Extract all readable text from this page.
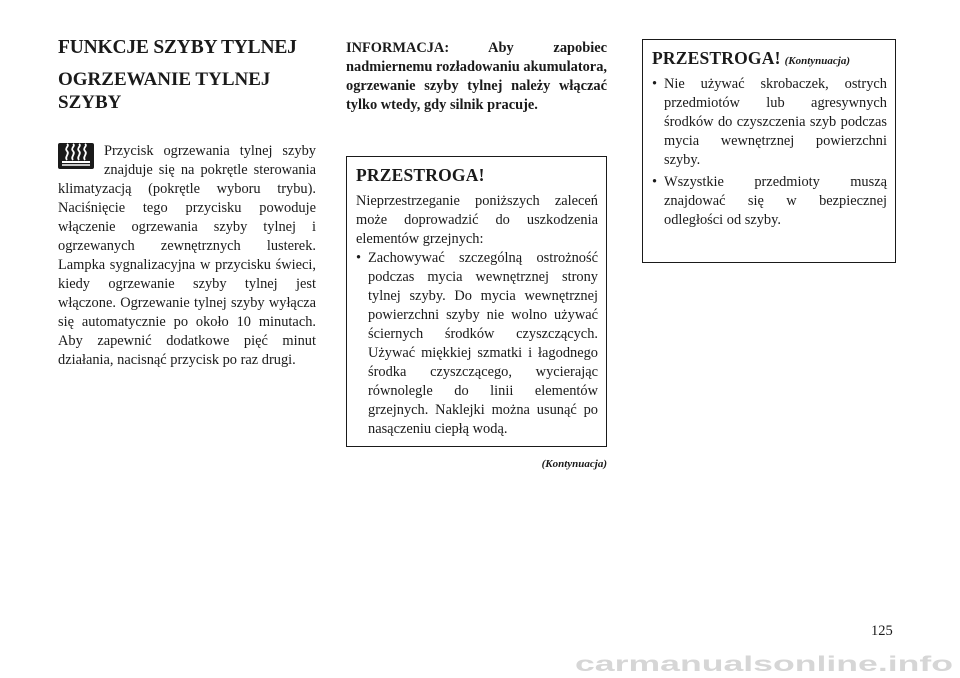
FUNKCJE SZYBY TYLNEJ
OGRZEWANIE TYLNEJ SZYBY

Przycisk ogrzewania tylnej szyby znajduje się na pokrętle sterowania klimatyzacją (pokrętle wyboru trybu). Naciśnięcie tego przycisku powoduje włączenie ogrzewania szyby tylnej i ogrzewanych zewnętrznych lusterek. Lampka sygnalizacyjna w przycisku świeci, kiedy ogrzewanie szyby tylnej jest włączone. Ogrzewanie tylnej szyby wyłącza się automatycznie po około 10 minutach. Aby zapewnić dodatkowe pięć minut działania, nacisnąć przycisk po raz drugi.

INFORMACJA: Aby zapobiec nadmiernemu rozładowaniu akumulatora, ogrzewanie szyby tylnej należy włączać tylko wtedy, gdy silnik pracuje.

PRZESTROGA!

Nieprzestrzeganie poniższych zaleceń może doprowadzić do uszkodzenia elementów grzejnych:

• Zachowywać szczególną ostrożność podczas mycia wewnętrznej strony tylnej szyby. Do mycia wewnętrznej powierzchni szyby nie wolno używać ściernych środków czyszczących. Używać miękkiej szmatki i łagodnego środka czyszczącego, wycierając równolegle do linii elementów grzejnych. Naklejki można usunąć po nasączeniu ciepłą wodą.
(Kontynuacja)
PRZESTROGA! (Kontynuacja)
• Nie używać skrobaczek, ostrych przedmiotów lub agresywnych środków do czyszczenia szyb podczas mycia wewnętrznej powierzchni szyby.
• Wszystkie przedmioty muszą znajdować się w bezpiecznej odległości od szyby.
125
carmanualsonline.info
